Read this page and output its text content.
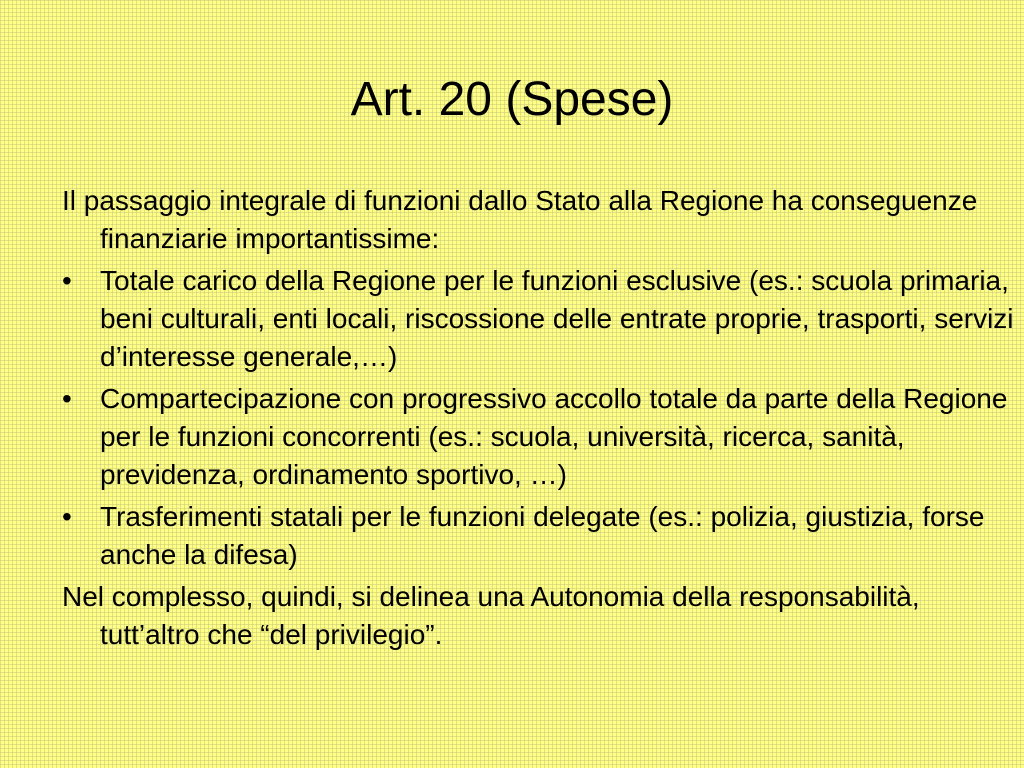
Art. 20 (Spese)

Il passaggio integrale di funzioni dallo Stato alla Regione ha conseguenze finanziarie importantissime:

•	Totale carico della Regione per le funzioni esclusive (es.: scuola primaria, beni culturali, enti locali, riscossione delle entrate proprie, trasporti, servizi d’interesse generale,…)
•	Compartecipazione con progressivo accollo totale da parte della Regione per le funzioni concorrenti (es.: scuola, università, ricerca, sanità, previdenza, ordinamento sportivo, …)
•	Trasferimenti statali per le funzioni delegate (es.: polizia, giustizia, forse anche la difesa)

Nel complesso, quindi, si delinea una Autonomia della responsabilità, tutt’altro che “del privilegio”.
